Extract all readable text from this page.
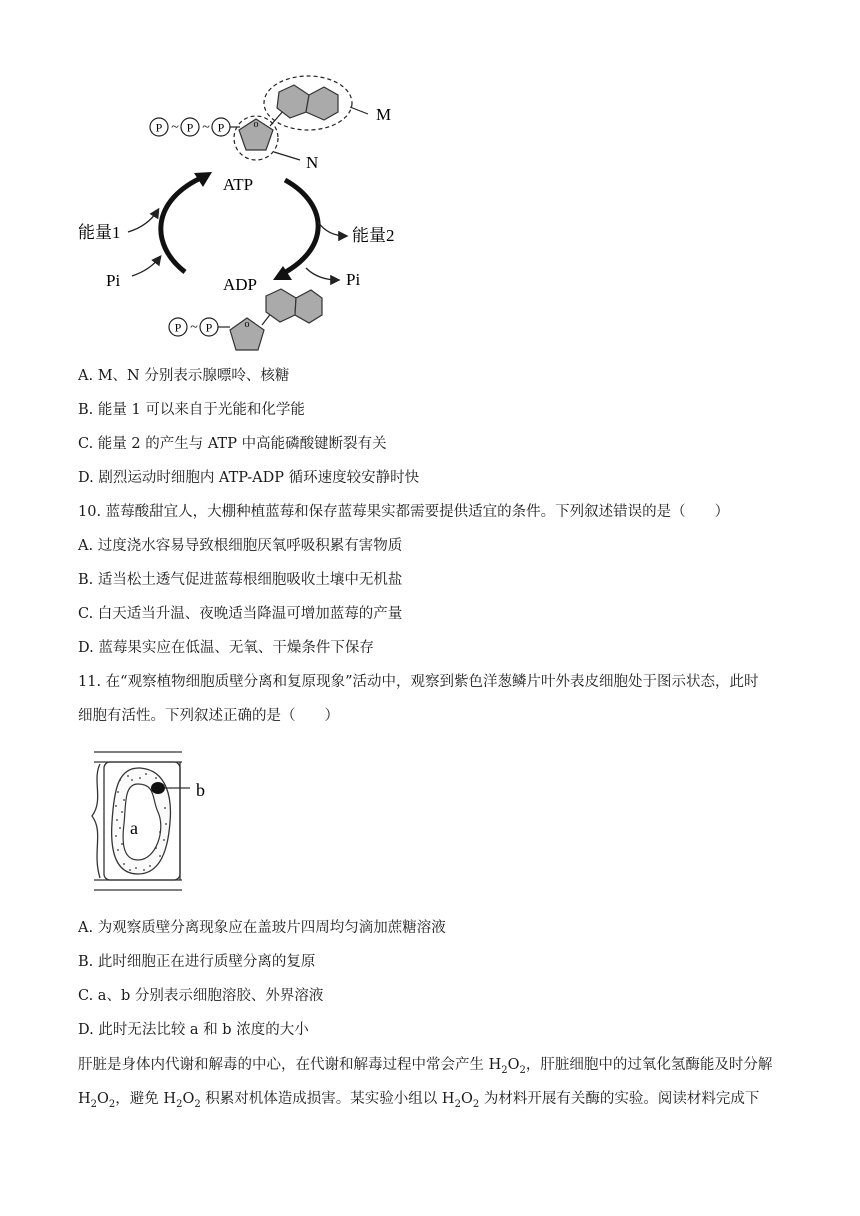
P ~ P ~ P	o
M
N
ATP
ADP
能量1
Pi
能量2
Pi
P ~ P	o
A. M、N 分别表示腺嘌呤、核糖
B. 能量 1 可以来自于光能和化学能
C. 能量 2 的产生与 ATP 中高能磷酸键断裂有关
D. 剧烈运动时细胞内 ATP-ADP 循环速度较安静时快
10. 蓝莓酸甜宜人，大棚种植蓝莓和保存蓝莓果实都需要提供适宜的条件。下列叙述错误的是（　　）
A. 过度浇水容易导致根细胞厌氧呼吸积累有害物质
B. 适当松土透气促进蓝莓根细胞吸收土壤中无机盐
C. 白天适当升温、夜晚适当降温可增加蓝莓的产量
D. 蓝莓果实应在低温、无氧、干燥条件下保存
11. 在“观察植物细胞质壁分离和复原现象”活动中，观察到紫色洋葱鳞片叶外表皮细胞处于图示状态，此时
细胞有活性。下列叙述正确的是（　　）
b
a
A. 为观察质壁分离现象应在盖玻片四周均匀滴加蔗糖溶液
B. 此时细胞正在进行质壁分离的复原
C. a、b 分别表示细胞溶胶、外界溶液
D. 此时无法比较 a 和 b 浓度的大小
肝脏是身体内代谢和解毒的中心，在代谢和解毒过程中常会产生 $H_2O_2$，肝脏细胞中的过氧化氢酶能及时分解 $H_2O_2$，避免 $H_2O_2$ 积累对机体造成损害。某实验小组以 $H_2O_2$ 为材料开展有关酶的实验。阅读材料完成下
